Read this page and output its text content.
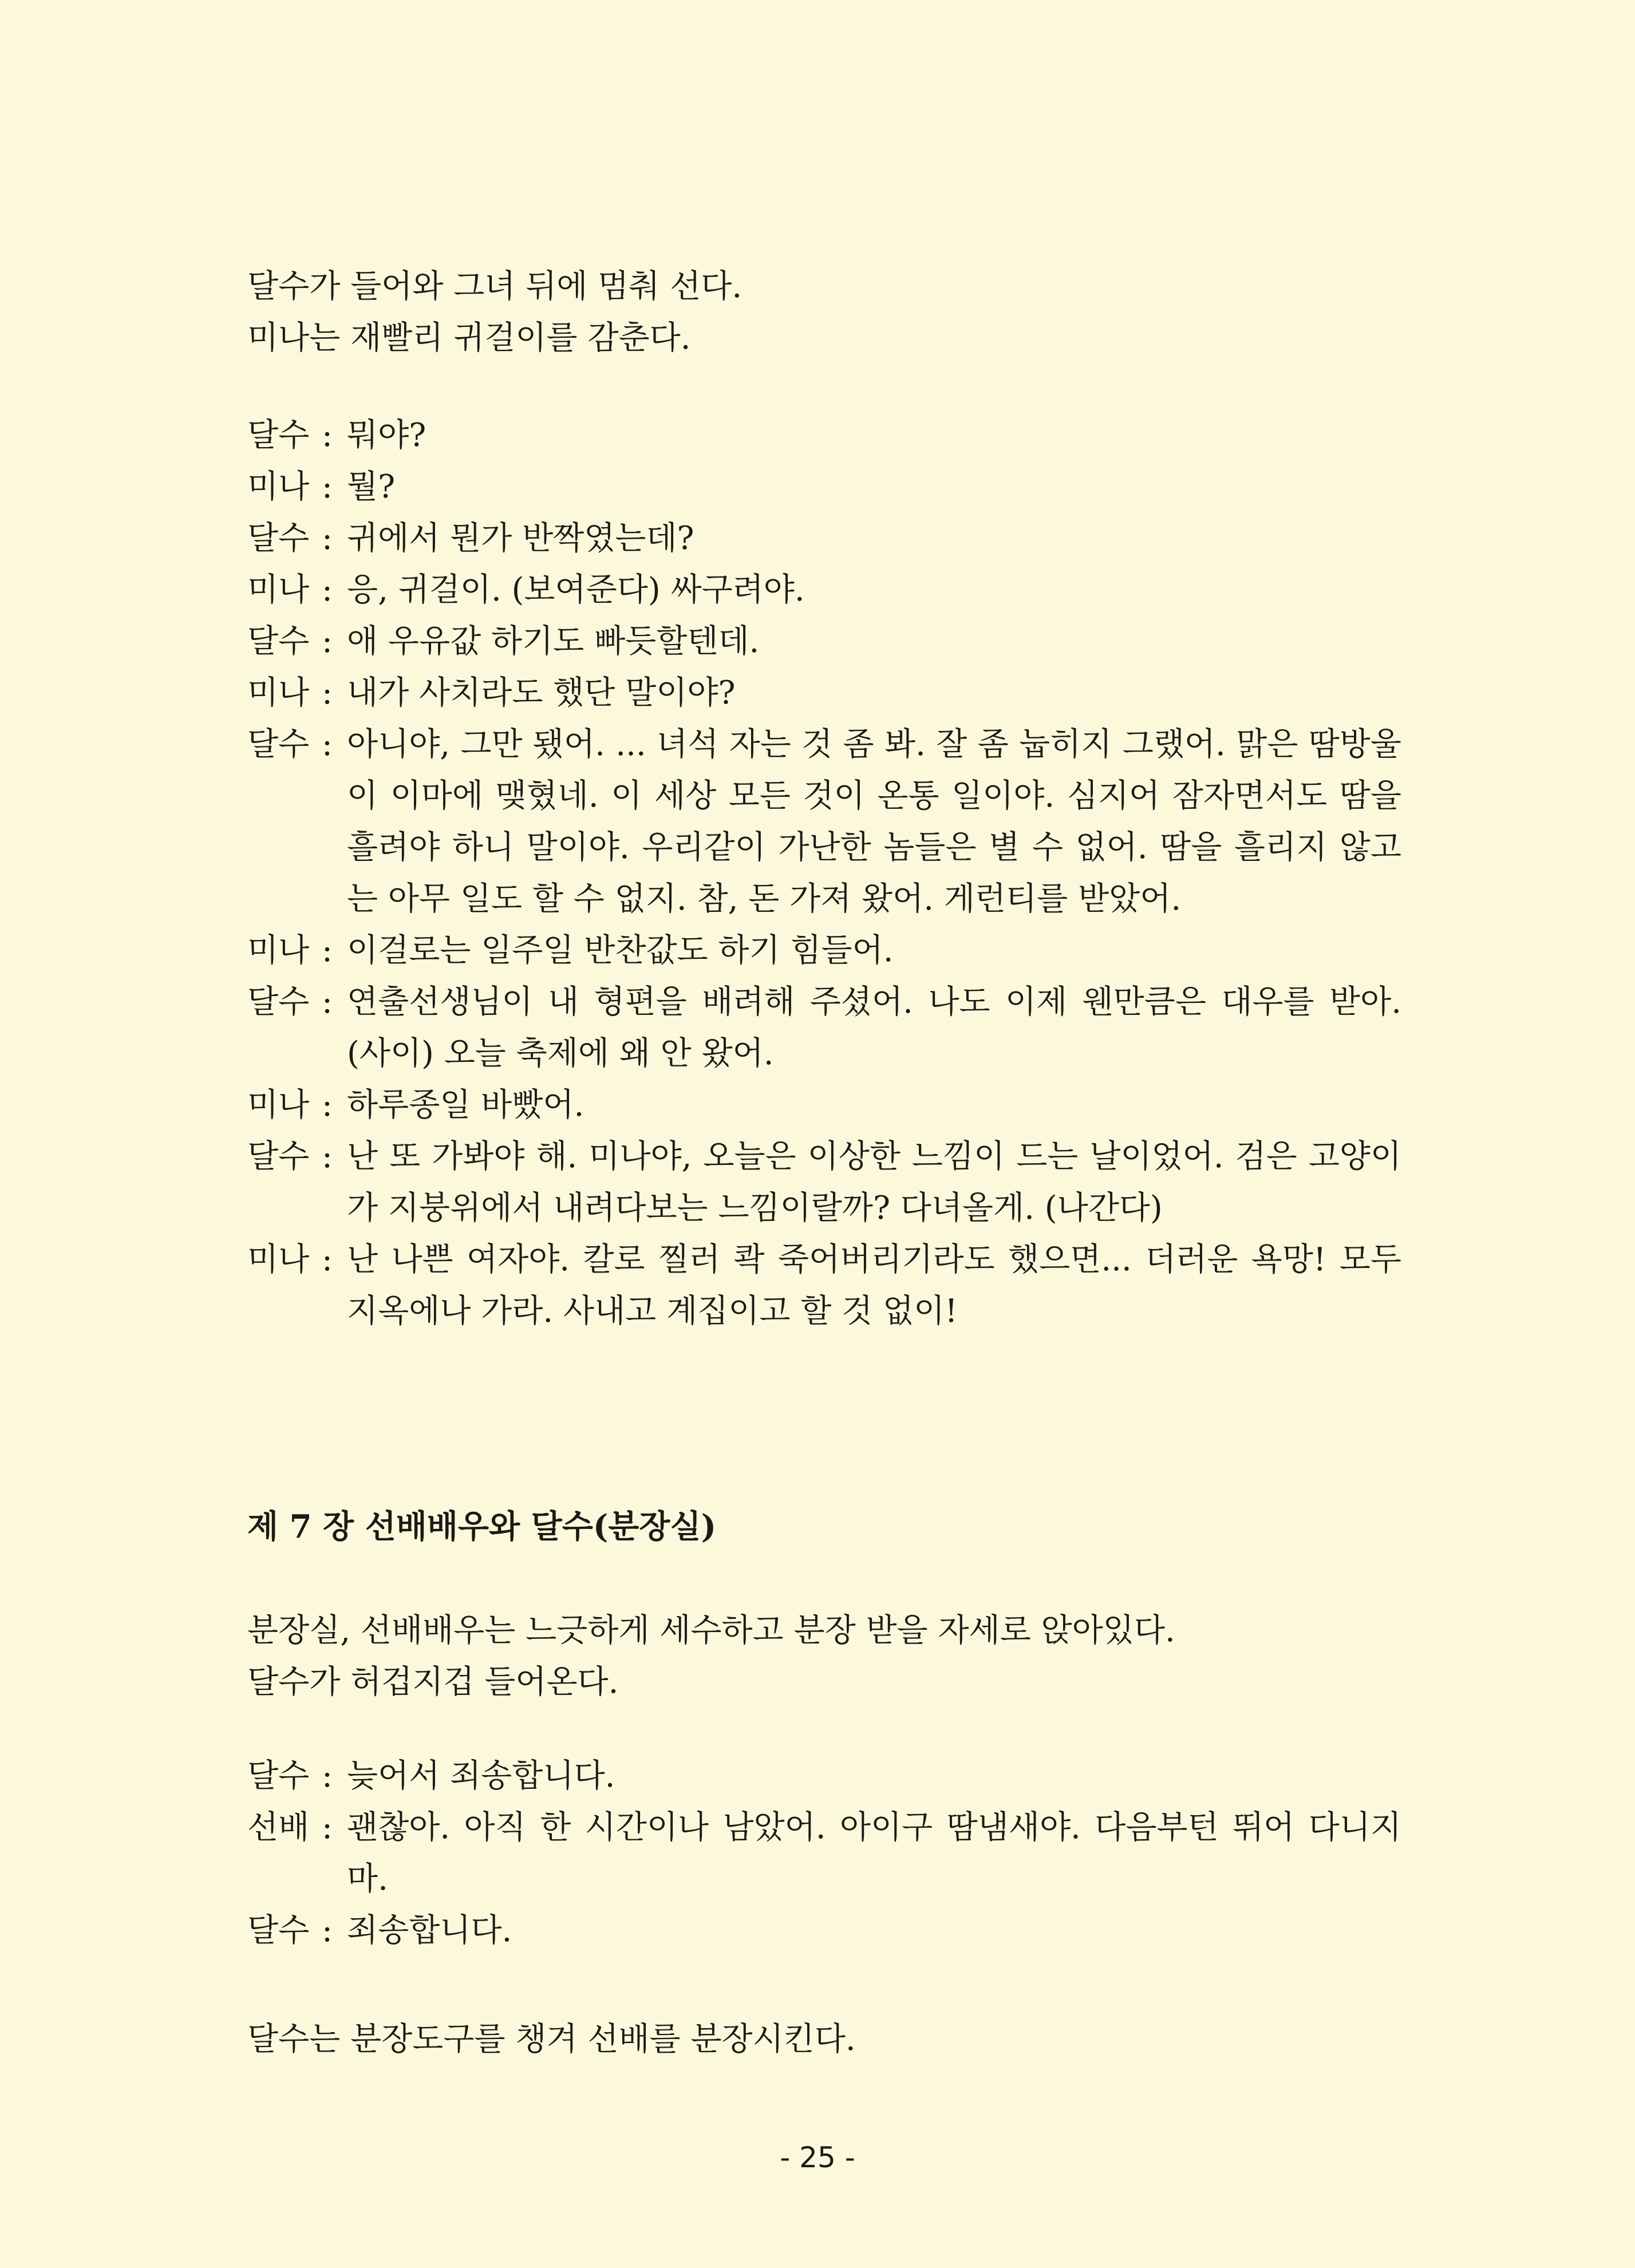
달수가 들어와 그녀 뒤에 멈춰 선다.
미나는 재빨리 귀걸이를 감춘다.
달수 : 뭐야?
미나 : 뭘?
달수 : 귀에서 뭔가 반짝였는데?
미나 : 응, 귀걸이. (보여준다) 싸구려야.
달수 : 애 우유값 하기도 빠듯할텐데.
미나 : 내가 사치라도 했단 말이야?
달수 : 아니야, 그만 됐어. ... 녀석 자는 것 좀 봐. 잘 좀 눕히지 그랬어. 맑은 땀방울이 이마에 맺혔네. 이 세상 모든 것이 온통 일이야. 심지어 잠자면서도 땀을 흘려야 하니 말이야. 우리같이 가난한 놈들은 별 수 없어. 땀을 흘리지 않고는 아무 일도 할 수 없지. 참, 돈 가져 왔어. 게런티를 받았어.
미나 : 이걸로는 일주일 반찬값도 하기 힘들어.
달수 : 연출선생님이 내 형편을 배려해 주셨어. 나도 이제 웬만큼은 대우를 받아. (사이) 오늘 축제에 왜 안 왔어.
미나 : 하루종일 바빴어.
달수 : 난 또 가봐야 해. 미나야, 오늘은 이상한 느낌이 드는 날이었어. 검은 고양이가 지붕위에서 내려다보는 느낌이랄까? 다녀올게. (나간다)
미나 : 난 나쁜 여자야. 칼로 찔러 콱 죽어버리기라도 했으면... 더러운 욕망! 모두 지옥에나 가라. 사내고 계집이고 할 것 없이!
제 7 장 선배배우와 달수(분장실)
분장실, 선배배우는 느긋하게 세수하고 분장 받을 자세로 앉아있다.
달수가 허겁지겁 들어온다.
달수 : 늦어서 죄송합니다.
선배 : 괜찮아. 아직 한 시간이나 남았어. 아이구 땀냄새야. 다음부턴 뛰어 다니지마.
달수 : 죄송합니다.
달수는 분장도구를 챙겨 선배를 분장시킨다.
- 25 -
